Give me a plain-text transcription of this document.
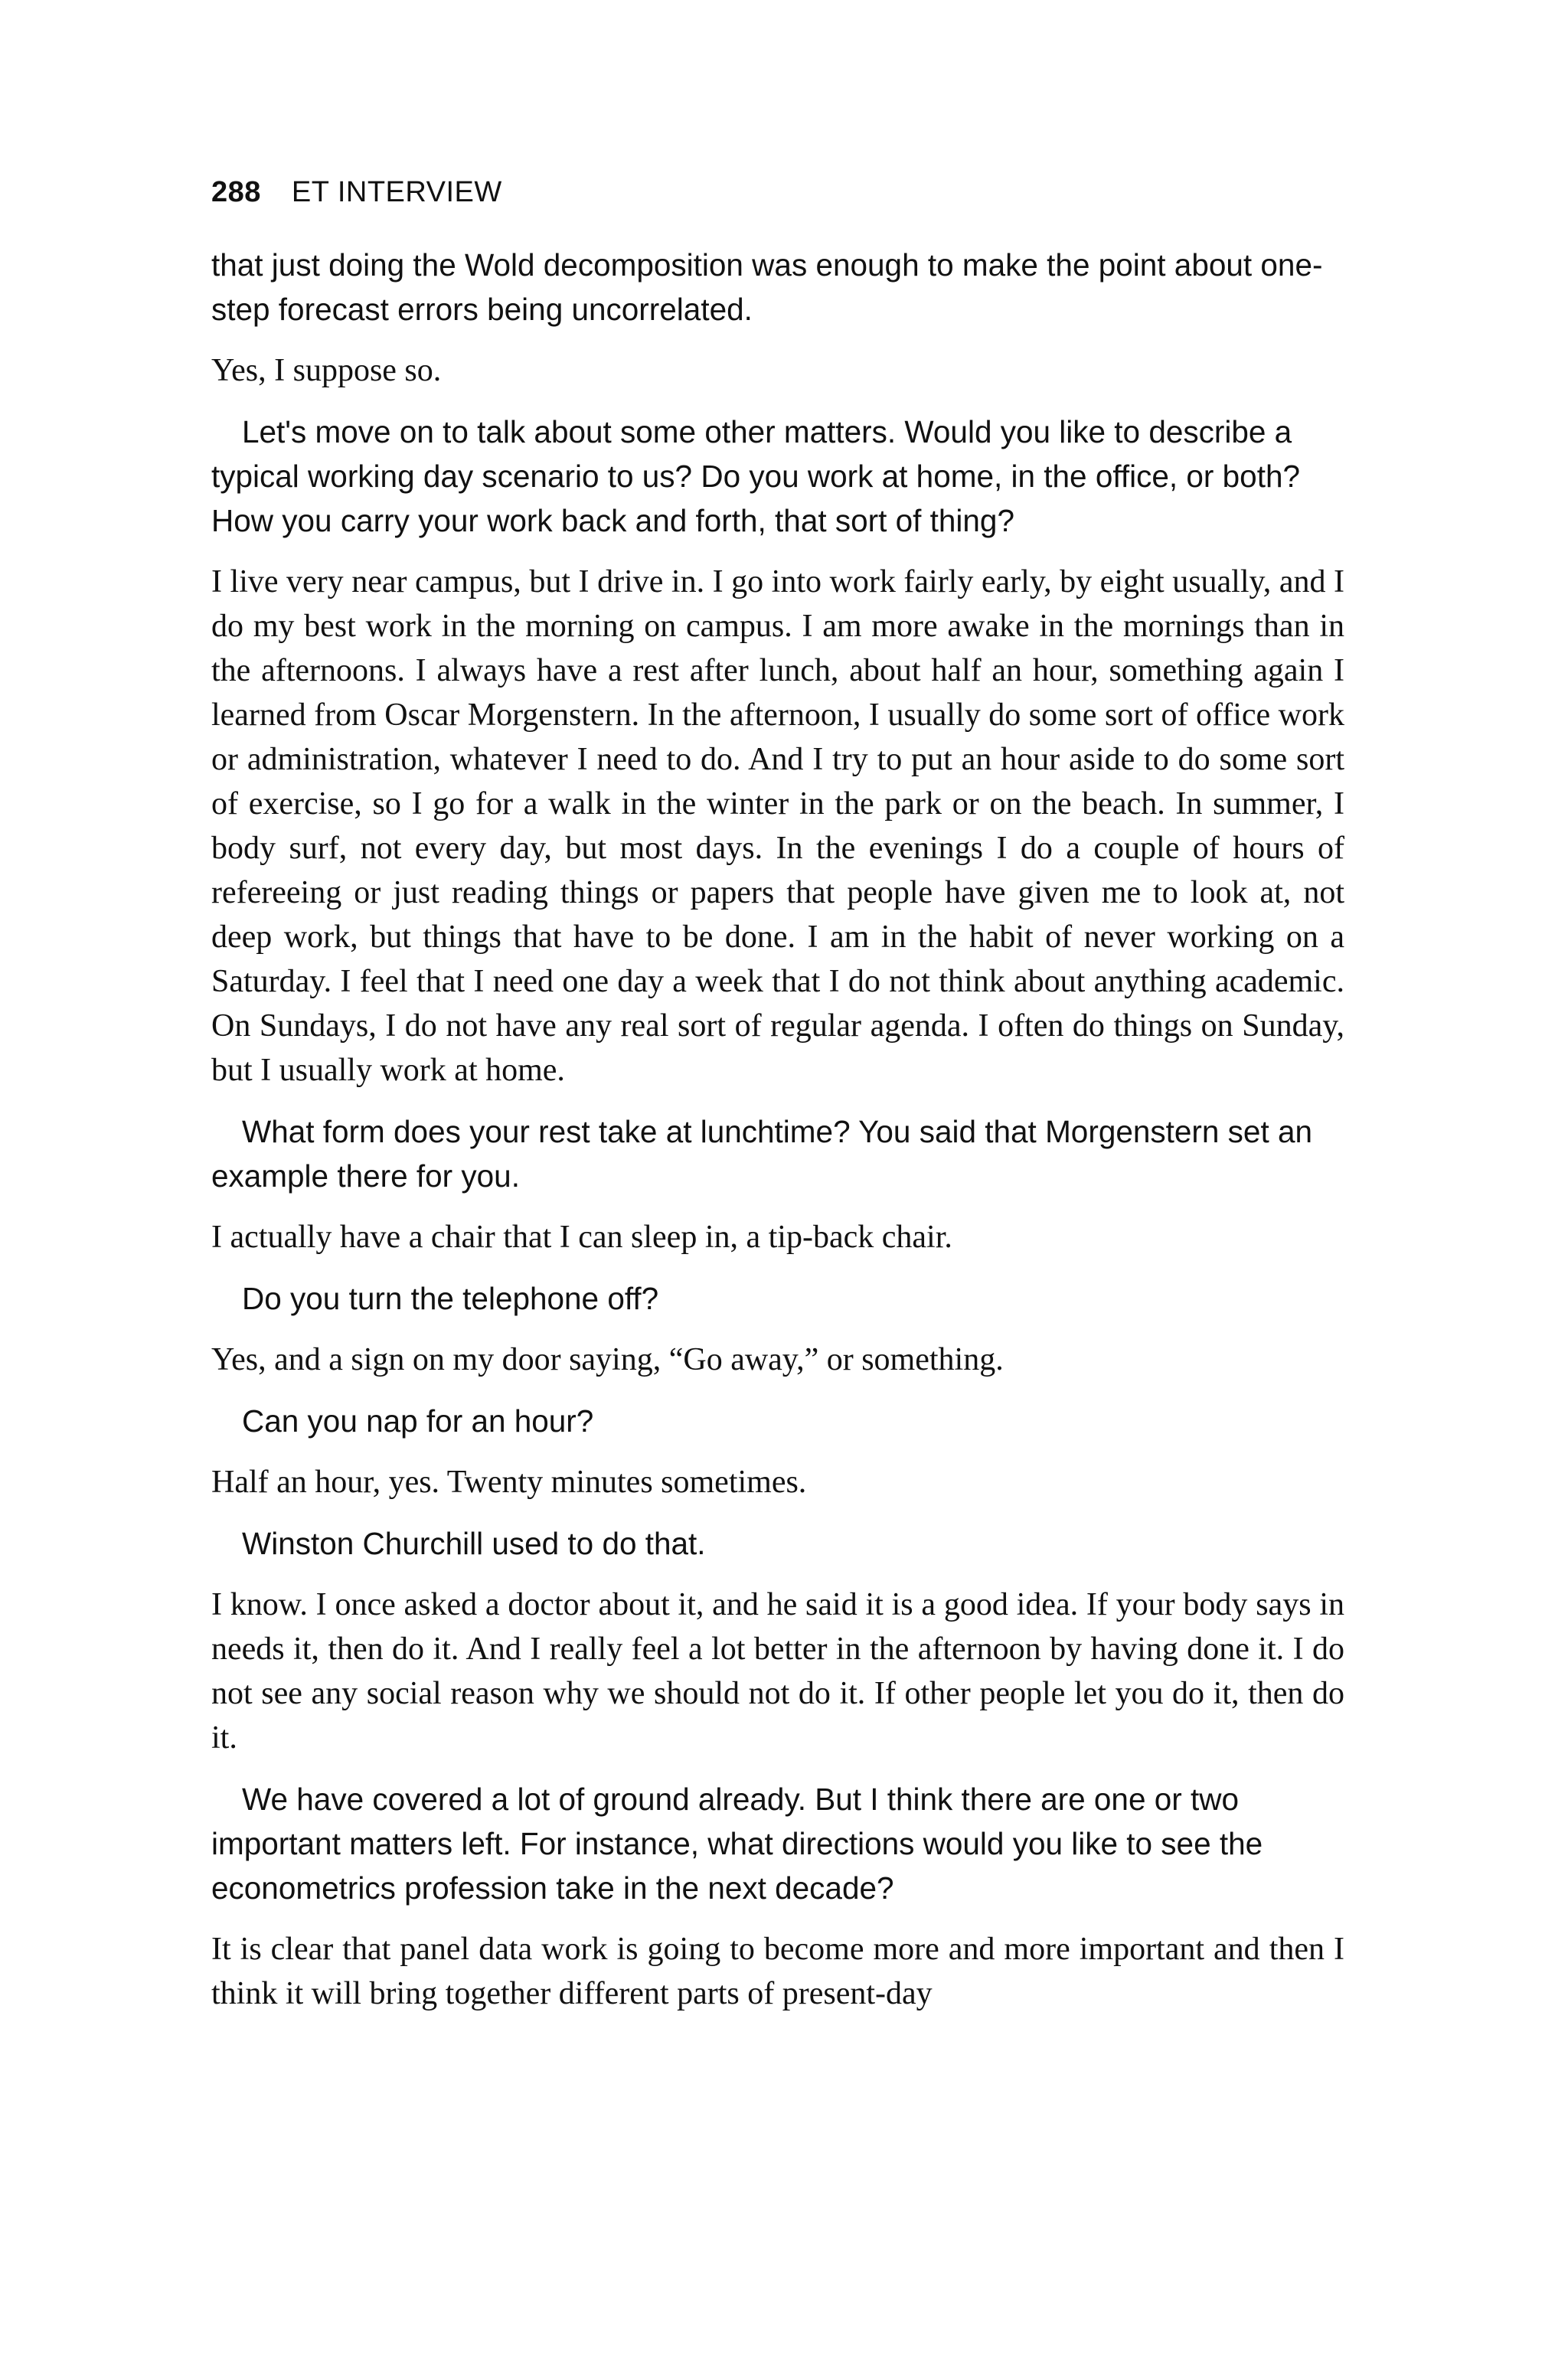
288 ET INTERVIEW

that just doing the Wold decomposition was enough to make the point about one-step forecast errors being uncorrelated.

Yes, I suppose so.

Let's move on to talk about some other matters. Would you like to describe a typical working day scenario to us? Do you work at home, in the office, or both? How you carry your work back and forth, that sort of thing?

I live very near campus, but I drive in. I go into work fairly early, by eight usually, and I do my best work in the morning on campus. I am more awake in the mornings than in the afternoons. I always have a rest after lunch, about half an hour, something again I learned from Oscar Morgenstern. In the afternoon, I usually do some sort of office work or administration, whatever I need to do. And I try to put an hour aside to do some sort of exercise, so I go for a walk in the winter in the park or on the beach. In summer, I body surf, not every day, but most days. In the evenings I do a couple of hours of refereeing or just reading things or papers that people have given me to look at, not deep work, but things that have to be done. I am in the habit of never working on a Saturday. I feel that I need one day a week that I do not think about anything academic. On Sundays, I do not have any real sort of regular agenda. I often do things on Sunday, but I usually work at home.

What form does your rest take at lunchtime? You said that Morgenstern set an example there for you.

I actually have a chair that I can sleep in, a tip-back chair.

Do you turn the telephone off?

Yes, and a sign on my door saying, “Go away,” or something.

Can you nap for an hour?

Half an hour, yes. Twenty minutes sometimes.

Winston Churchill used to do that.

I know. I once asked a doctor about it, and he said it is a good idea. If your body says in needs it, then do it. And I really feel a lot better in the afternoon by having done it. I do not see any social reason why we should not do it. If other people let you do it, then do it.

We have covered a lot of ground already. But I think there are one or two important matters left. For instance, what directions would you like to see the econometrics profession take in the next decade?

It is clear that panel data work is going to become more and more important and then I think it will bring together different parts of present-day
